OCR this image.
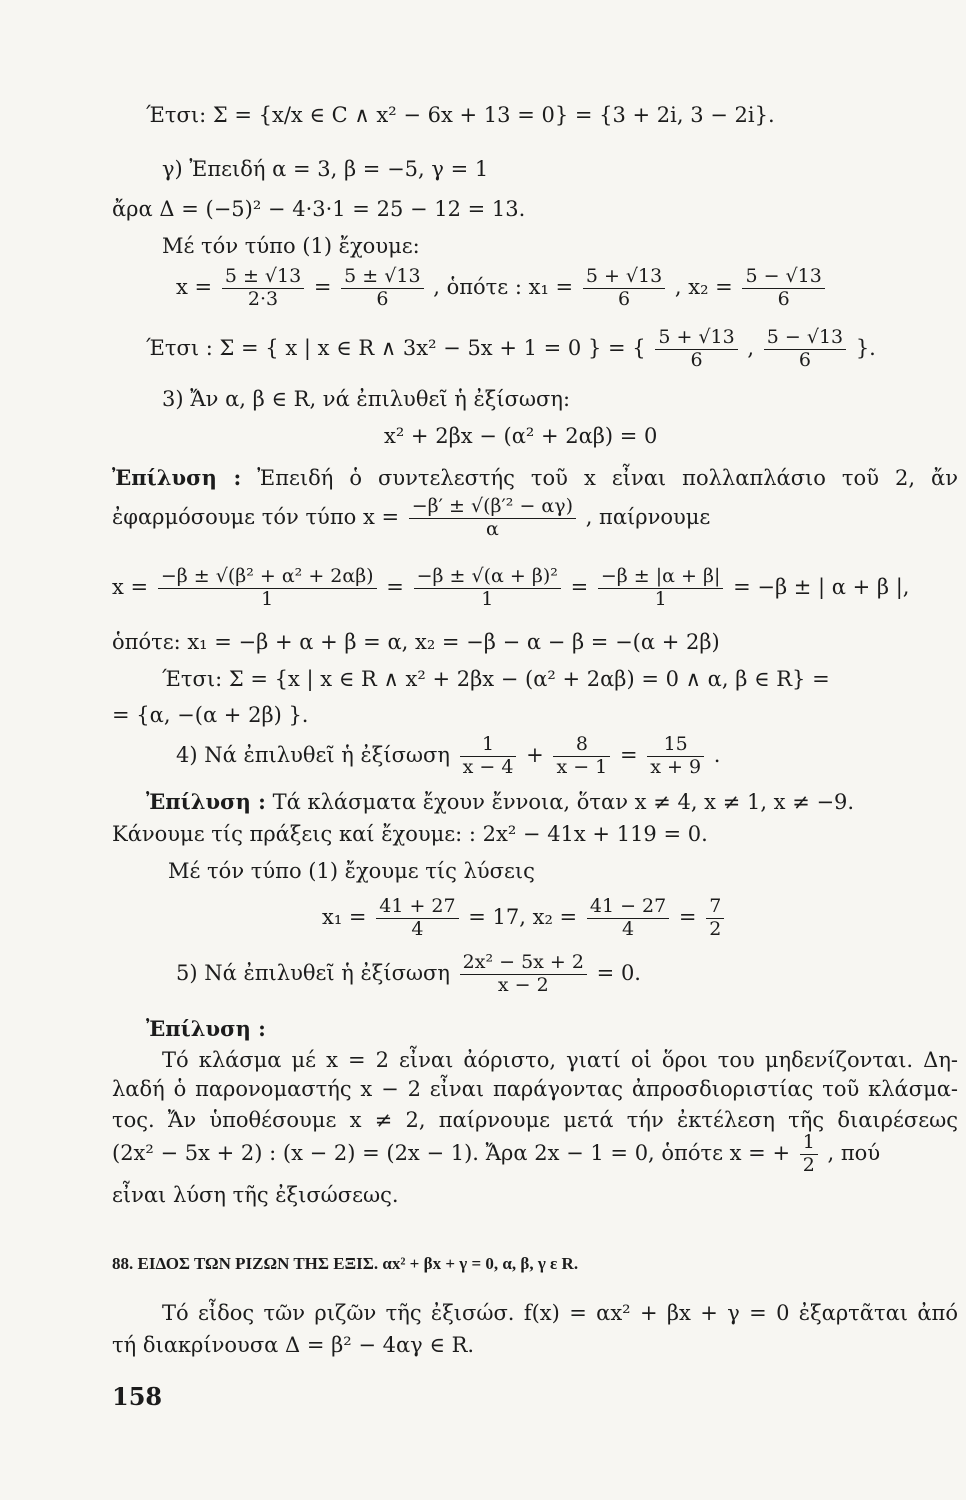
Έτσι: Σ = {x/x ∈ C ∧ x² − 6x + 13 = 0} = {3 + 2i, 3 − 2i}.
γ) Ἐπειδή α = 3, β = −5, γ = 1
ἄρα Δ = (−5)² − 4·3·1 = 25 − 12 = 13.
Μέ τόν τύπο (1) ἔχουμε:
$x = \frac{5 \pm √13}{2\cdot 3} = \frac{5 \pm √13}{6}$ , ὁπότε : $x_1 = \frac{5 + √13}{6}$ , $x_2 = \frac{5 - √13}{6}$
Έτσι : Σ = { x | x ∈ R ∧ 3x² − 5x + 1 = 0 } = { $\frac{5 + √13}{6}$ , $\frac{5 - √13}{6}$ }.
3) Ἄν α, β ∈ R, νά ἐπιλυθεῖ ἡ ἐξίσωση:
x² + 2βx − (α² + 2αβ) = 0
Ἐπίλυση : Ἐπειδή ὁ συντελεστής τοῦ x εἶναι πολλαπλάσιο τοῦ 2, ἄν
ἐφαρμόσουμε τόν τύπο $x = \frac{\text{−β′ ± √(β′² − αγ)}}{\alpha}$ , παίρνουμε
$x = \frac{\text{−β ± √(β² + α² + 2αβ)}}{1} = \frac{\text{−β ± √(α + β)²}}{1} = \frac{-\beta \pm |\alpha + \beta|}{1} = -\beta$ ± | α + β |,
ὁπότε: x₁ = −β + α + β = α, x₂ = −β − α − β = −(α + 2β)
Έτσι: Σ = {x | x ∈ R ∧ x² + 2βx − (α² + 2αβ) = 0 ∧ α, β ∈ R} =
= {α, −(α + 2β) }.
4) Νά ἐπιλυθεῖ ἡ ἐξίσωση $\frac{1}{x - 4} + \frac{8}{x - 1} = \frac{15}{x + 9}$ .
Ἐπίλυση : Τά κλάσματα ἔχουν ἔννοια, ὅταν x ≠ 4, x ≠ 1, x ≠ −9.
Κάνουμε τίς πράξεις καί ἔχουμε: : 2x² − 41x + 119 = 0.
Μέ τόν τύπο (1) ἔχουμε τίς λύσεις
$x_1 = \frac{41 + 27}{4} = 17$, $x_2 = \frac{41 - 27}{4} = \frac{7}{2}$
5) Νά ἐπιλυθεῖ ἡ ἐξίσωση $\frac{\text{2x² − 5x + 2}}{x - 2} = 0$.
Ἐπίλυση :
Τό κλάσμα μέ x = 2 εἶναι ἀόριστο, γιατί οἱ ὅροι του μηδενίζονται. Δη-
λαδή ὁ παρονομαστής x − 2 εἶναι παράγοντας ἀπροσδιοριστίας τοῦ κλάσμα-
τος. Ἄν ὑποθέσουμε x ≠ 2, παίρνουμε μετά τήν ἐκτέλεση τῆς διαιρέσεως
(2x² − 5x + 2) : (x − 2) = (2x − 1). Ἄρα 2x − 1 = 0, ὁπότε x = + $\frac{1}{2}$ , πού
εἶναι λύση τῆς ἐξισώσεως.
88. ΕΙΔΟΣ ΤΩΝ ΡΙΖΩΝ ΤΗΣ ΕΞΙΣ. αx² + βx + γ = 0, α, β, γ ε R.
Τό εἶδος τῶν ριζῶν τῆς ἐξισώσ. f(x) = αx² + βx + γ = 0 ἐξαρτᾶται ἀπό
τή διακρίνουσα Δ = β² − 4αγ ∈ R.
158
